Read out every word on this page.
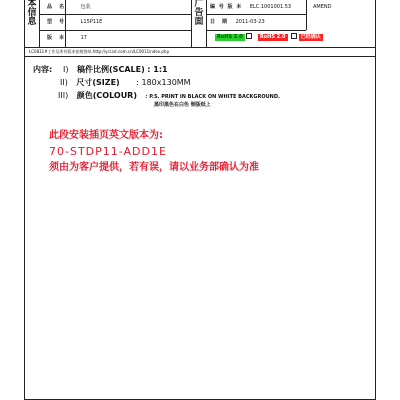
本
信
息
品　名	包装
型　号	L15P11E
版　本	17
广
告
面
编 号 版 本 ELC.1001001.53
日　期 2011-03-23
RoHS 2.0	RoHS 2.0	已经确认
AMEND
LC0811#工作及所有版本按照图纸.http://ycl.ist.com.cn/LC0011index.php
内容: I) 稿件比例(SCALE) : 1:1
II) 尺寸(SIZE) : 180x130MM
III) 颜色(COLOUR) : P.S. PRINT IN BLACK ON WHITE BACKGROUND.
黑印黑色在白色 铜版纸上
此段安装插页英文版本为:
70-STDP11-ADD1E
须由为客户提供，若有误，请以业务部确认为准
